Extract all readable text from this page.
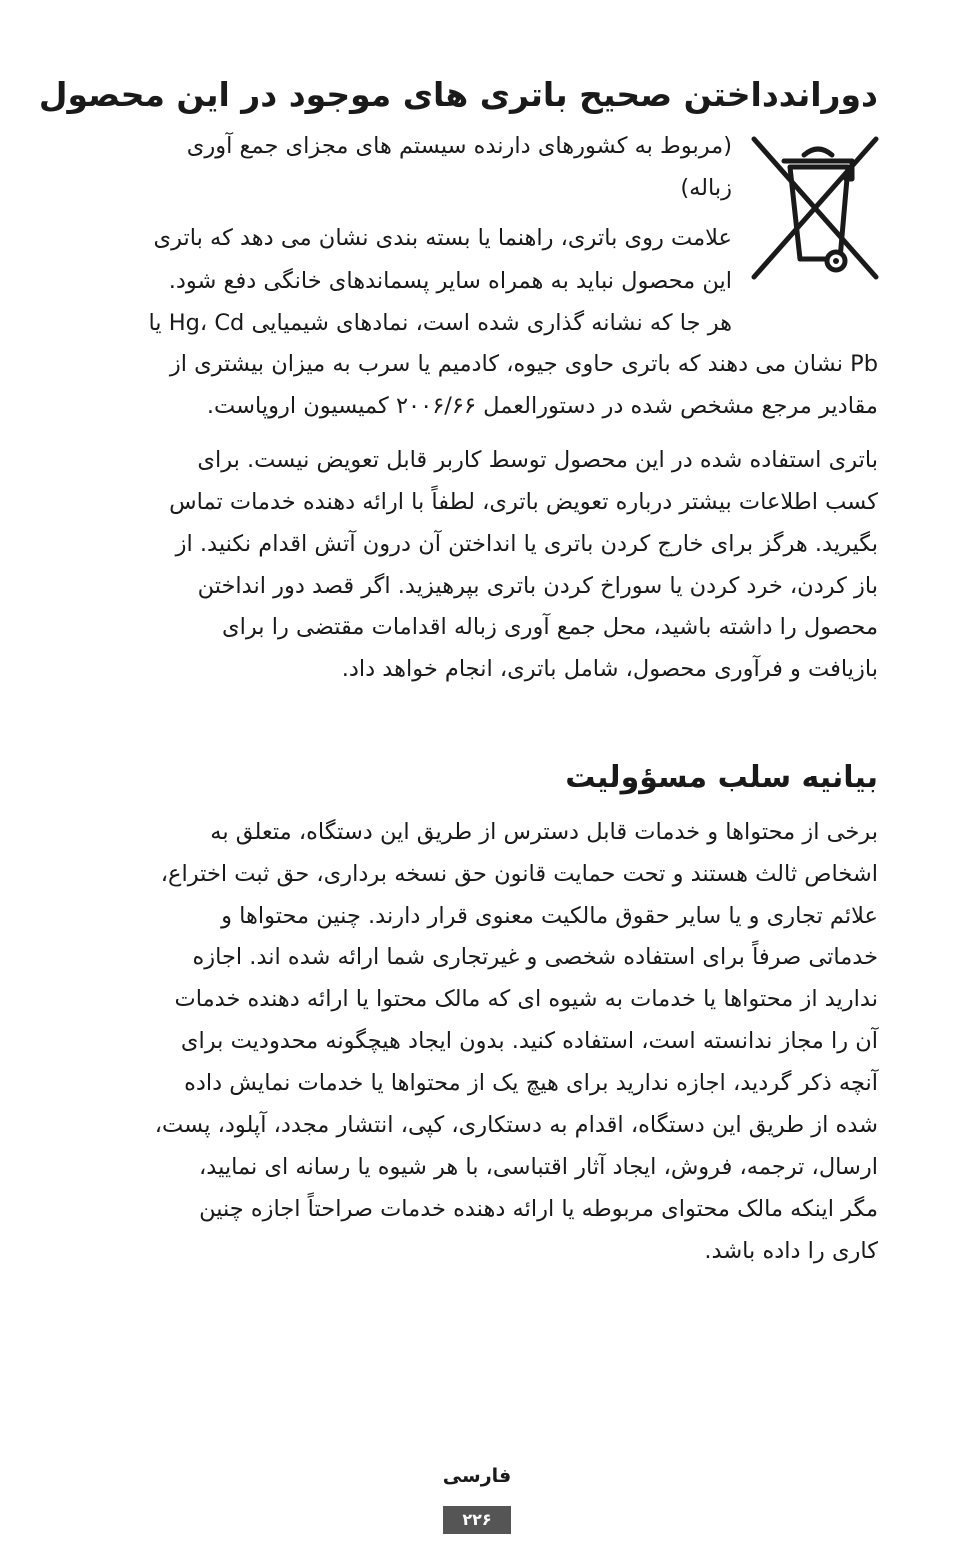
دوراندداختن صحیح باتری های موجود در این محصول
(مربوط به کشورهای دارنده سیستم های مجزای جمع آوری
زباله)
علامت روی باتری، راهنما یا بسته بندی نشان می دهد که باتری
این محصول نباید به همراه سایر پسماندهای خانگی دفع شود.
هر جا که نشانه گذاری شده است، نمادهای شیمیایی Hg، Cd یا
Pb نشان می دهند که باتری حاوی جیوه، کادمیم یا سرب به میزان بیشتری از
مقادیر مرجع مشخص شده در دستورالعمل ۲۰۰۶/۶۶ کمیسیون اروپاست.
باتری استفاده شده در این محصول توسط کاربر قابل تعویض نیست. برای
کسب اطلاعات بیشتر درباره تعویض باتری، لطفاً با ارائه دهنده خدمات تماس
بگیرید. هرگز برای خارج کردن باتری یا انداختن آن درون آتش اقدام نکنید. از
باز کردن، خرد کردن یا سوراخ کردن باتری بپرهیزید. اگر قصد دور انداختن
محصول را داشته باشید، محل جمع آوری زباله اقدامات مقتضی را برای
بازیافت و فرآوری محصول، شامل باتری، انجام خواهد داد.
بیانیه سلب مسؤولیت
برخی از محتواها و خدمات قابل دسترس از طریق این دستگاه، متعلق به
اشخاص ثالث هستند و تحت حمایت قانون حق نسخه برداری، حق ثبت اختراع،
علائم تجاری و یا سایر حقوق مالکیت معنوی قرار دارند. چنین محتواها و
خدماتی صرفاً برای استفاده شخصی و غیرتجاری شما ارائه شده اند. اجازه
ندارید از محتواها یا خدمات به شیوه ای که مالک محتوا یا ارائه دهنده خدمات
آن را مجاز ندانسته است، استفاده کنید. بدون ایجاد هیچگونه محدودیت برای
آنچه ذکر گردید، اجازه ندارید برای هیچ یک از محتواها یا خدمات نمایش داده
شده از طریق این دستگاه، اقدام به دستکاری، کپی، انتشار مجدد، آپلود، پست،
ارسال، ترجمه، فروش، ایجاد آثار اقتباسی، با هر شیوه یا رسانه ای نمایید،
مگر اینکه مالک محتوای مربوطه یا ارائه دهنده خدمات صراحتاً اجازه چنین
کاری را داده باشد.
فارسی
۲۲۶
